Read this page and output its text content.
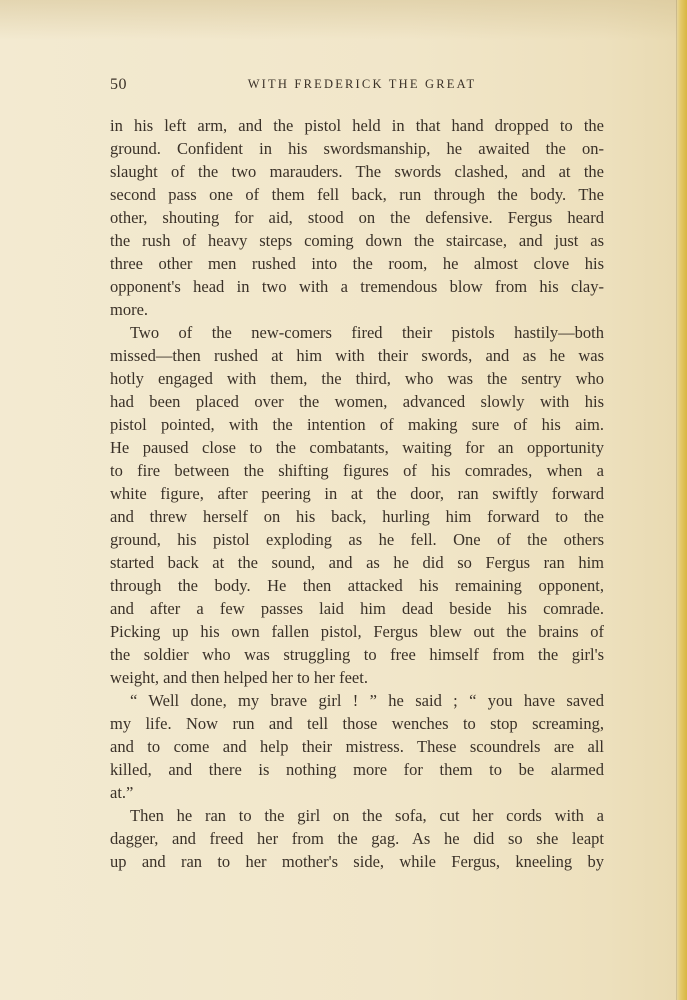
50	WITH FREDERICK THE GREAT
in his left arm, and the pistol held in that hand dropped to the
ground. Confident in his swordsmanship, he awaited the on-
slaught of the two marauders. The swords clashed, and at the
second pass one of them fell back, run through the body. The
other, shouting for aid, stood on the defensive. Fergus heard
the rush of heavy steps coming down the staircase, and just as
three other men rushed into the room, he almost clove his
opponent's head in two with a tremendous blow from his clay-
more.
Two of the new-comers fired their pistols hastily—both
missed—then rushed at him with their swords, and as he was
hotly engaged with them, the third, who was the sentry who
had been placed over the women, advanced slowly with his
pistol pointed, with the intention of making sure of his aim.
He paused close to the combatants, waiting for an opportunity
to fire between the shifting figures of his comrades, when a
white figure, after peering in at the door, ran swiftly forward
and threw herself on his back, hurling him forward to the
ground, his pistol exploding as he fell. One of the others
started back at the sound, and as he did so Fergus ran him
through the body. He then attacked his remaining opponent,
and after a few passes laid him dead beside his comrade.
Picking up his own fallen pistol, Fergus blew out the brains of
the soldier who was struggling to free himself from the girl's
weight, and then helped her to her feet.
“ Well done, my brave girl ! ” he said ; “ you have saved
my life. Now run and tell those wenches to stop screaming,
and to come and help their mistress. These scoundrels are all
killed, and there is nothing more for them to be alarmed
at.”
Then he ran to the girl on the sofa, cut her cords with a
dagger, and freed her from the gag. As he did so she leapt
up and ran to her mother's side, while Fergus, kneeling by
